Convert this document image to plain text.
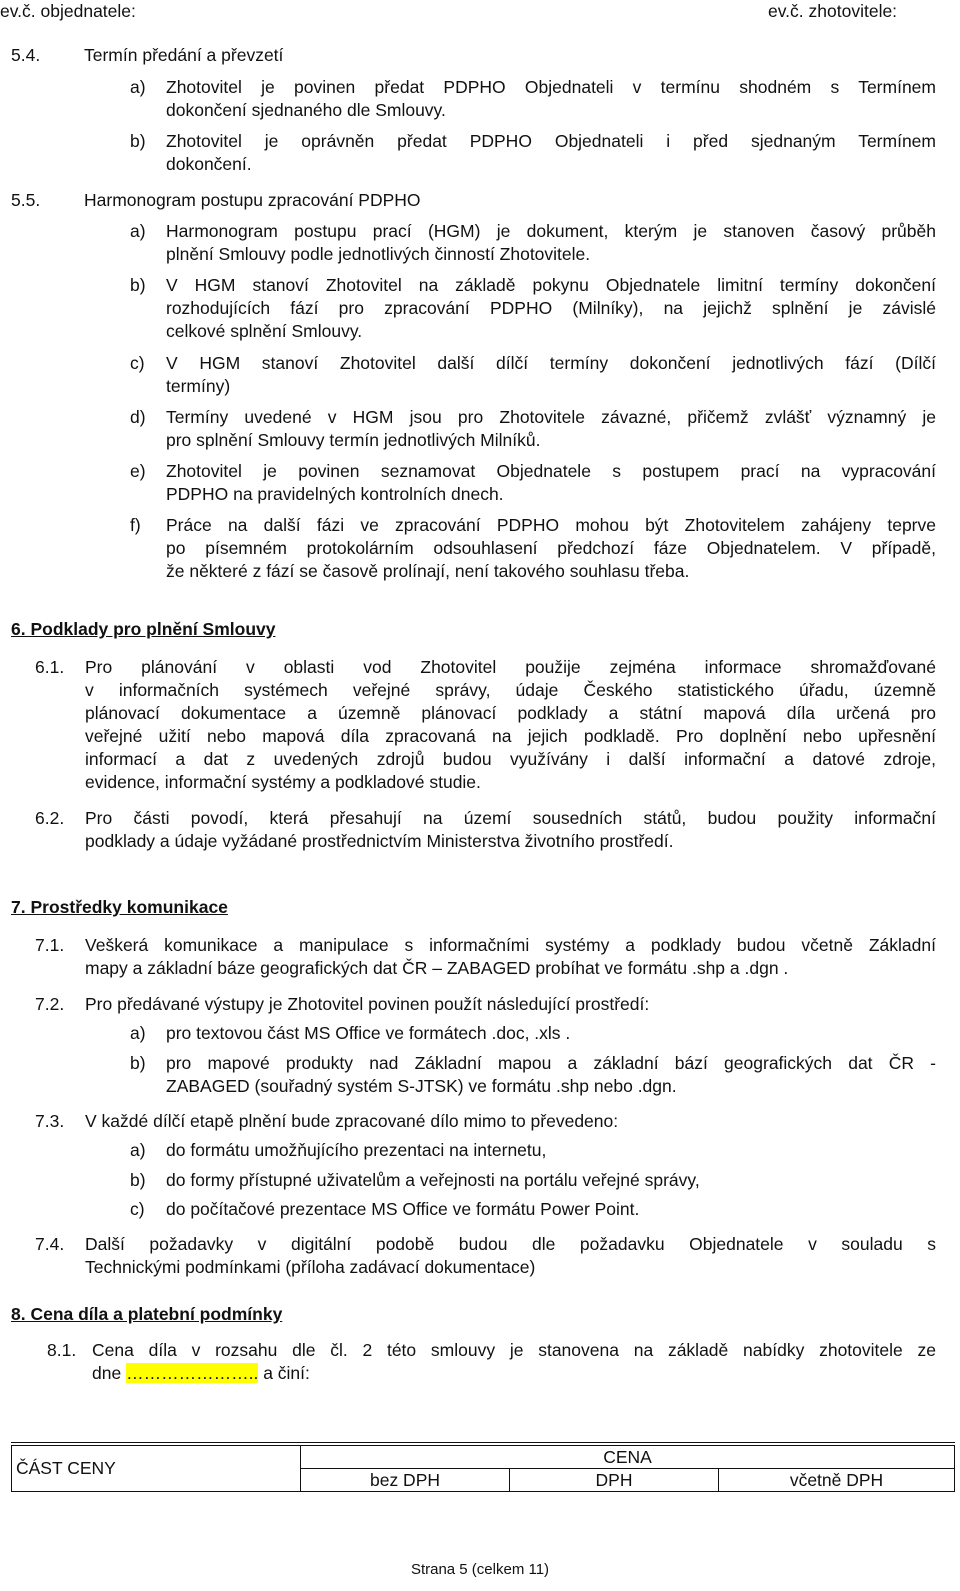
ev.č. objednatele:	ev.č. zhotovitele:
5.4.	Termín předání a převzetí
a) Zhotovitel je povinen předat PDPHO Objednateli v termínu shodném s Termínem
dokončení sjednaného dle Smlouvy.
b) Zhotovitel je oprávněn předat PDPHO Objednateli i před sjednaným Termínem
dokončení.
5.5.	Harmonogram postupu zpracování PDPHO
a) Harmonogram postupu prací (HGM) je dokument, kterým je stanoven časový průběh
plnění Smlouvy podle jednotlivých činností Zhotovitele.
b) V HGM stanoví Zhotovitel na základě pokynu Objednatele limitní termíny dokončení
rozhodujících fází pro zpracování PDPHO (Milníky), na jejichž splnění je závislé
celkové splnění Smlouvy.
c) V HGM stanoví Zhotovitel další dílčí termíny dokončení jednotlivých fází (Dílčí
termíny)
d) Termíny uvedené v HGM jsou pro Zhotovitele závazné, přičemž zvlášť významný je
pro splnění Smlouvy termín jednotlivých Milníků.
e) Zhotovitel je povinen seznamovat Objednatele s postupem prací na vypracování
PDPHO na pravidelných kontrolních dnech.
f) Práce na další fázi ve zpracování PDPHO mohou být Zhotovitelem zahájeny teprve
po písemném protokolárním odsouhlasení předchozí fáze Objednatelem. V případě,
že některé z fází se časově prolínají, není takového souhlasu třeba.
6. Podklady pro plnění Smlouvy
6.1. Pro plánování v oblasti vod Zhotovitel použije zejména informace shromažďované
v informačních systémech veřejné správy, údaje Českého statistického úřadu, územně
plánovací dokumentace a územně plánovací podklady a státní mapová díla určená pro
veřejné užití nebo mapová díla zpracovaná na jejich podkladě. Pro doplnění nebo upřesnění
informací a dat z uvedených zdrojů budou využívány i další informační a datové zdroje,
evidence, informační systémy a podkladové studie.
6.2. Pro části povodí, která přesahují na území sousedních států, budou použity informační
podklady a údaje vyžádané prostřednictvím Ministerstva životního prostředí.
7. Prostředky komunikace
7.1. Veškerá komunikace a manipulace s informačními systémy a podklady budou včetně Základní
mapy a základní báze geografických dat ČR – ZABAGED probíhat ve formátu .shp a .dgn .
7.2. Pro předávané výstupy je Zhotovitel povinen použít následující prostředí:
a) pro textovou část MS Office ve formátech .doc, .xls .
b) pro mapové produkty nad Základní mapou a základní bází geografických dat ČR -
ZABAGED (souřadný systém S-JTSK) ve formátu .shp nebo .dgn.
7.3. V každé dílčí etapě plnění bude zpracované dílo mimo to převedeno:
a) do formátu umožňujícího prezentaci na internetu,
b) do formy přístupné uživatelům a veřejnosti na portálu veřejné správy,
c) do počítačové prezentace MS Office ve formátu Power Point.
7.4. Další požadavky v digitální podobě budou dle požadavku Objednatele v souladu s
Technickými podmínkami (příloha zadávací dokumentace)
8. Cena díla a platební podmínky
8.1. Cena díla v rozsahu dle čl. 2 této smlouvy je stanovena na základě nabídky zhotovitele ze
dne ………………….. a činí:
ČÁST CENY	CENA		
	bez DPH	DPH	včetně DPH
Strana 5 (celkem 11)
